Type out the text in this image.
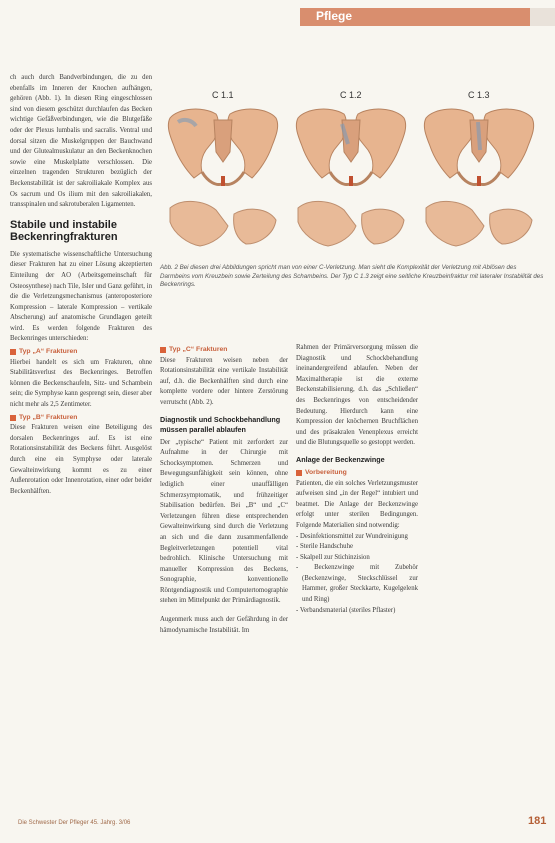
Pflege

ch auch durch Bandverbindungen, die zu den ebenfalls im Inneren der Knochen aufhängen, gehören (Abb. 1). In diesen Ring eingeschlossen sind von diesem geschützt durchlaufen das Becken wichtige Gefäßverbindungen, wie die Blutgefäße oder der Plexus lumbalis und sacralis. Ventral und dorsal sitzen die Muskelgruppen der Bauchwand und der Glutealmuskulatur an den Beckenknochen sowie eine Muskelplatte verschlossen. Die einzelnen tragenden Strukturen bezüglich der Beckenstabilität ist der sakroiliakale Komplex aus Os sacrum und Os ilium mit den sakroiliakalen, transspinalen und sakrotuberalen Ligamenten.

Stabile und instabile Beckenringfrakturen

Die systematische wissenschaftliche Untersuchung dieser Frakturen hat zu einer Lösung akzeptierten Einteilung der AO (Arbeitsgemeinschaft für Osteosynthese) nach Tile, Isler und Ganz geführt, in die die Verletzungsmechanismus (anteroposteriore Kompression – laterale Kompression – vertikale Abscherung) auf anatomische Grundlagen geteilt wird. Es werden folgende Frakturen des Beckenringes unterschieden:

Typ „A“ Frakturen

Hierbei handelt es sich um Frakturen, ohne Stabilitätsverlust des Beckenringes. Betroffen können die Beckenschaufeln, Sitz- und Schambein sein; die Symphyse kann gesprengt sein, dieser aber nicht mehr als 2,5 Zentimeter.

Typ „B“ Frakturen

Diese Frakturen weisen eine Beteiligung des dorsalen Beckenringes auf. Es ist eine Rotationsinstabilität des Beckens führt. Ausgelöst durch eine ein Symphyse oder laterale Gewalteinwirkung kommt es zu einer Außenrotation oder Innenrotation, einer oder beider Beckenhälften.

C 1.1	C 1.2	C 1.3
Abb. 2 Bei diesen drei Abbildungen spricht man von einer C-Verletzung. Man sieht die Komplexität der Verletzung mit Ablösen des Darmbeins vom Kreuzbein sowie Zerteilung des Schambeins. Der Typ C 1.3 zeigt eine seitliche Kreuzbeinfraktur mit lateraler Instabilität des Beckenrings.
Typ „C“ Frakturen

Diese Frakturen weisen neben der Rotationsinstabilität eine vertikale Instabilität auf, d.h. die Beckenhälften sind durch eine komplette vordere oder hintere Zerstörung verrutscht (Abb. 2).

Diagnostik und Schockbehandlung müssen parallel ablaufen

Der „typische“ Patient mit zerfordert zur Aufnahme in der Chirurgie mit Schocksymptomen. Schmerzen und Bewegungsunfähigkeit sein können, ohne lediglich einer unauffälligen Schmerzsymptomatik, und frühzeitiger Stabilisation bedürfen. Bei „B“ und „C“ Verletzungen führen diese entsprechenden Gewalteinwirkung sind durch die Verletzung an sich und die dann zusammenfallende Begleitverletzungen potentiell vital bedrohlich. Klinische Untersuchung mit manueller Kompression des Beckens, Sonographie, konventionelle Röntgendiagnostik und Computertomographie stehen im Mittelpunkt der Primärdiagnostik.

Augenmerk muss auch der Gefährdung in der hämodynamische Instabilität. Im

Rahmen der Primärversorgung müssen die Diagnostik und Schockbehandlung ineinandergreifend ablaufen. Neben der Maximaltherapie ist die externe Beckenstabilisierung, d.h. das „Schließen“ des Beckenringes von entscheidender Bedeutung. Hierdurch kann eine Kompression der knöchernen Bruchflächen und des präsakralen Venenplexus erreicht und die Blutungsquelle so gestoppt werden.

Anlage der Beckenzwinge
Vorbereitung

Patienten, die ein solches Verletzungsmuster aufweisen sind „in der Regel“ intubiert und beatmet. Die Anlage der Beckenzwinge erfolgt unter sterilen Bedingungen. Folgende Materialien sind notwendig:

- Desinfektionsmittel zur Wundreinigung

- Sterile Handschuhe

- Skalpell zur Stichinzision

- Beckenzwinge mit Zubehör (Beckenzwinge, Steckschlüssel zur Hammer, großer Steckkarte, Kugelgelenk und Ring)

- Verbandsmaterial (steriles Pflaster)

Die Schwester Der Pfleger 45. Jahrg. 3/06	181
